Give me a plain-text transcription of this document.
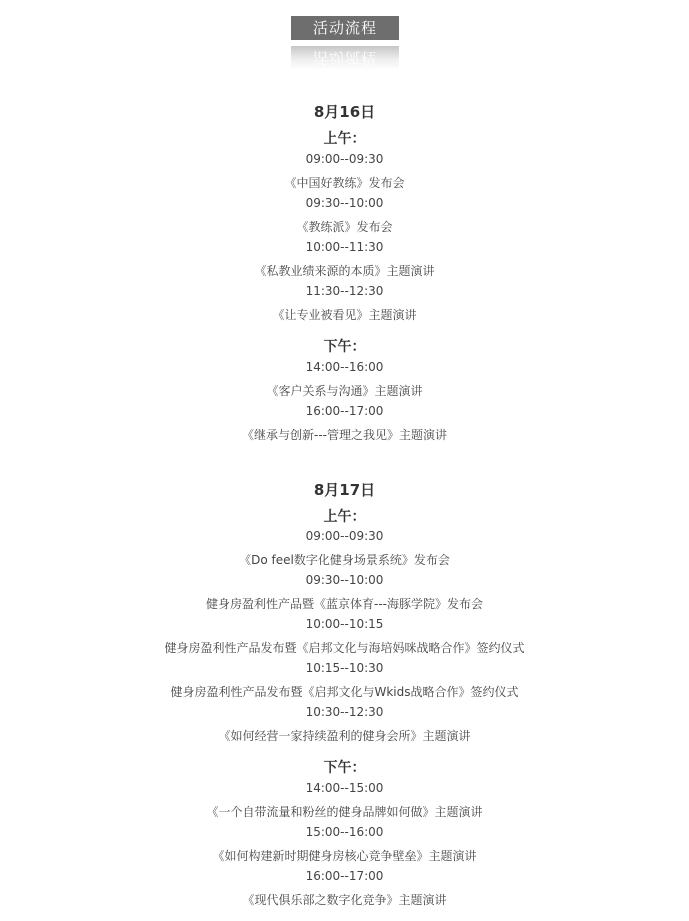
活动流程
活动流程
8月16日
上午：
09:00--09:30
《中国好教练》发布会
09:30--10:00
《教练派》发布会
10:00--11:30
《私教业绩来源的本质》主题演讲
11:30--12:30
《让专业被看见》主题演讲
下午：
14:00--16:00
《客户关系与沟通》主题演讲
16:00--17:00
《继承与创新---管理之我见》主题演讲
8月17日
上午：
09:00--09:30
《Do feel数字化健身场景系统》发布会
09:30--10:00
健身房盈利性产品暨《蓝京体育---海豚学院》发布会
10:00--10:15
健身房盈利性产品发布暨《启邦文化与海培妈咪战略合作》签约仪式
10:15--10:30
健身房盈利性产品发布暨《启邦文化与Wkids战略合作》签约仪式
10:30--12:30
《如何经营一家持续盈利的健身会所》主题演讲
下午：
14:00--15:00
《一个自带流量和粉丝的健身品牌如何做》主题演讲
15:00--16:00
《如何构建新时期健身房核心竞争壁垒》主题演讲
16:00--17:00
《现代俱乐部之数字化竞争》主题演讲
